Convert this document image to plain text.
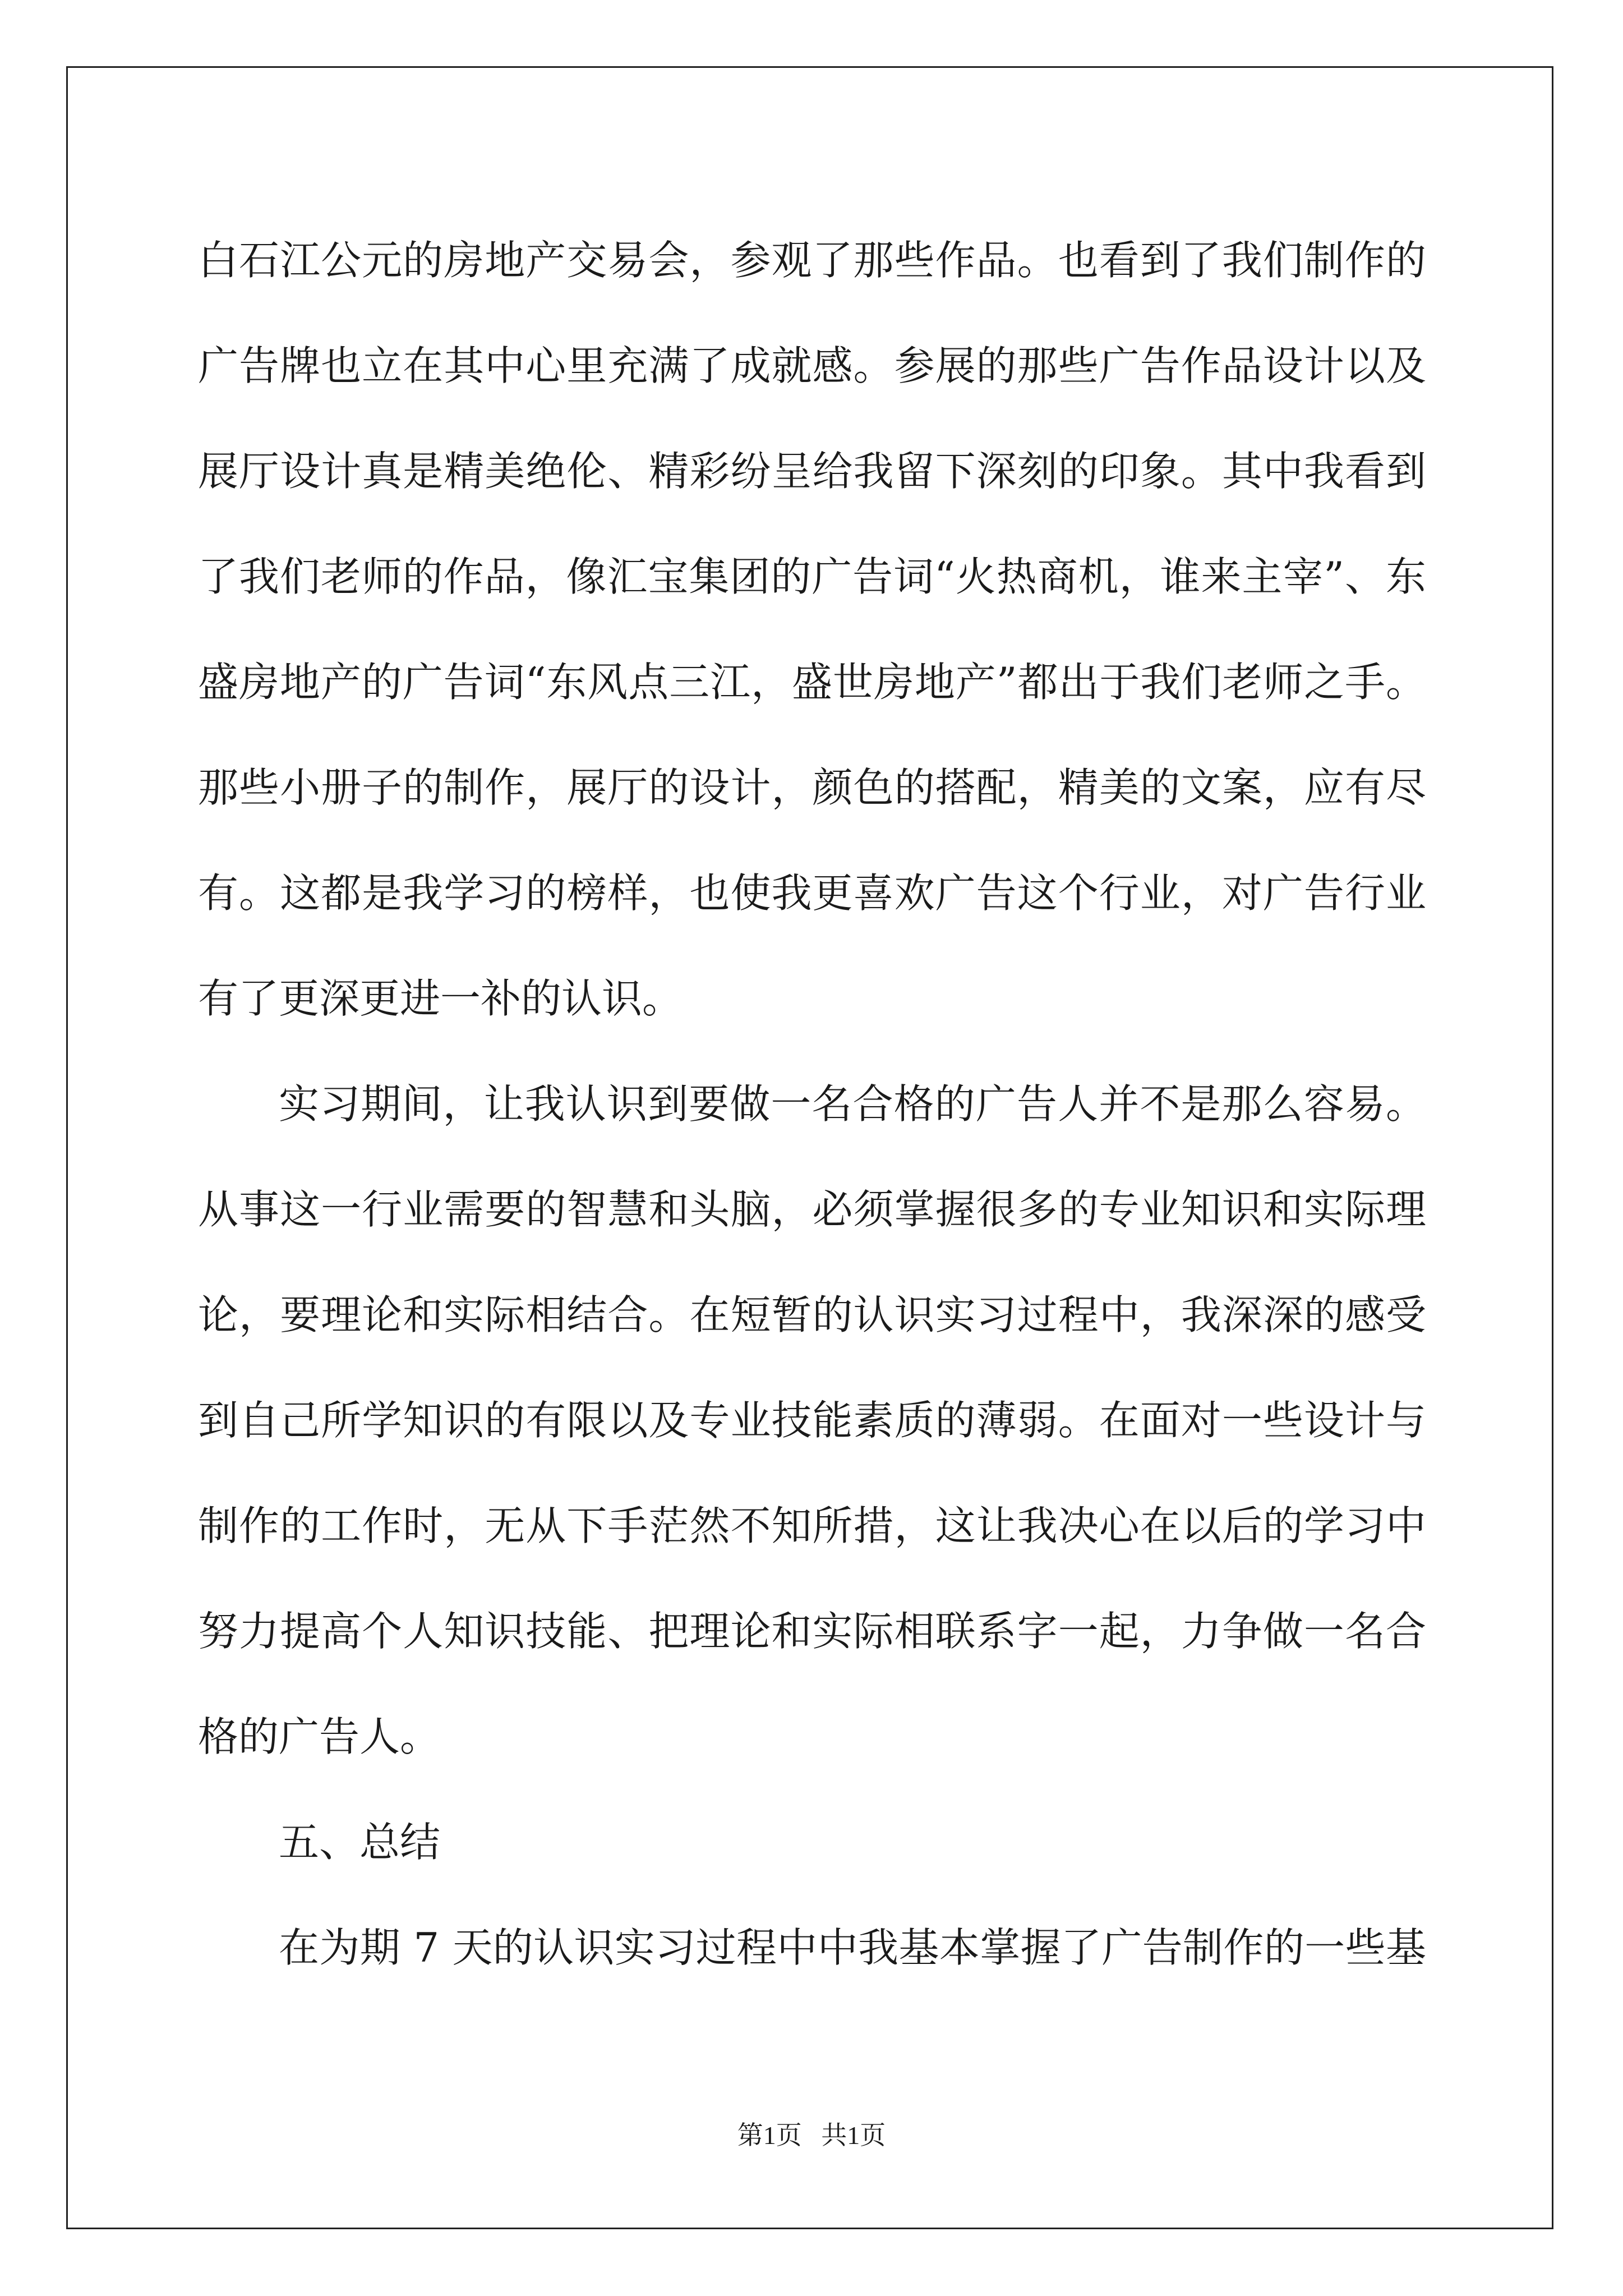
白石江公元的房地产交易会，参观了那些作品。也看到了我们制作的
广告牌也立在其中心里充满了成就感。参展的那些广告作品设计以及
展厅设计真是精美绝伦、精彩纷呈给我留下深刻的印象。其中我看到
了我们老师的作品，像汇宝集团的广告词“火热商机，谁来主宰”、东
盛房地产的广告词“东风点三江，盛世房地产”都出于我们老师之手。
那些小册子的制作，展厅的设计，颜色的搭配，精美的文案，应有尽
有。这都是我学习的榜样，也使我更喜欢广告这个行业，对广告行业
有了更深更进一补的认识。
实习期间，让我认识到要做一名合格的广告人并不是那么容易。
从事这一行业需要的智慧和头脑，必须掌握很多的专业知识和实际理
论，要理论和实际相结合。在短暂的认识实习过程中，我深深的感受
到自己所学知识的有限以及专业技能素质的薄弱。在面对一些设计与
制作的工作时，无从下手茫然不知所措，这让我决心在以后的学习中
努力提高个人知识技能、把理论和实际相联系字一起，力争做一名合
格的广告人。
五、总结
在为期 7 天的认识实习过程中中我基本掌握了广告制作的一些基
第1页   共1页
